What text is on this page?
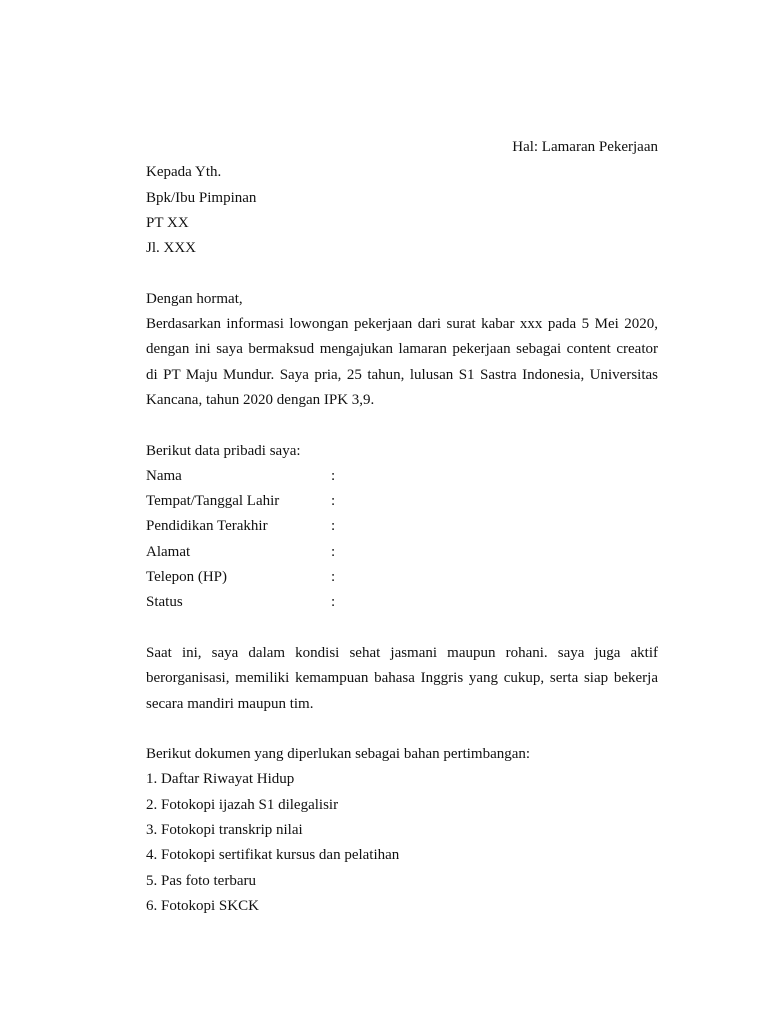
Hal: Lamaran Pekerjaan
Kepada Yth.
Bpk/Ibu Pimpinan
PT XX
Jl. XXX
Dengan hormat,
Berdasarkan informasi lowongan pekerjaan dari surat kabar xxx pada 5 Mei 2020,
dengan ini saya bermaksud mengajukan lamaran pekerjaan sebagai content creator
di PT Maju Mundur. Saya pria, 25 tahun, lulusan S1 Sastra Indonesia, Universitas
Kancana, tahun 2020 dengan IPK 3,9.
Berikut data pribadi saya:
Nama	:
Tempat/Tanggal Lahir	:
Pendidikan Terakhir	:
Alamat	:
Telepon (HP)	:
Status	:
Saat ini, saya dalam kondisi sehat jasmani maupun rohani. saya juga aktif
berorganisasi, memiliki kemampuan bahasa Inggris yang cukup, serta siap bekerja
secara mandiri maupun tim.
Berikut dokumen yang diperlukan sebagai bahan pertimbangan:
1. Daftar Riwayat Hidup
2. Fotokopi ijazah S1 dilegalisir
3. Fotokopi transkrip nilai
4. Fotokopi sertifikat kursus dan pelatihan
5. Pas foto terbaru
6. Fotokopi SKCK
